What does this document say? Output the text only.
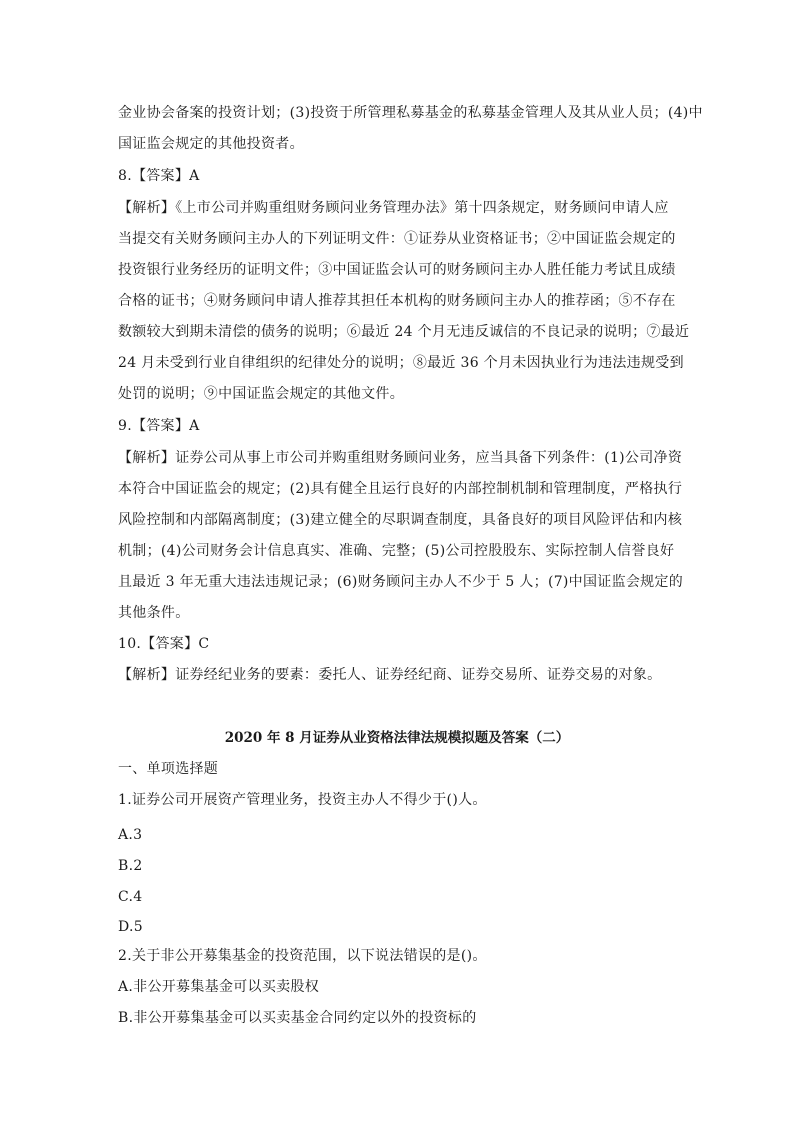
金业协会备案的投资计划；(3)投资于所管理私募基金的私募基金管理人及其从业人员；(4)中
国证监会规定的其他投资者。
8.【答案】A
【解析】《上市公司并购重组财务顾问业务管理办法》第十四条规定，财务顾问申请人应
当提交有关财务顾问主办人的下列证明文件：①证券从业资格证书；②中国证监会规定的
投资银行业务经历的证明文件；③中国证监会认可的财务顾问主办人胜任能力考试且成绩
合格的证书；④财务顾问申请人推荐其担任本机构的财务顾问主办人的推荐函；⑤不存在
数额较大到期未清偿的债务的说明；⑥最近 24 个月无违反诚信的不良记录的说明；⑦最近
24 月未受到行业自律组织的纪律处分的说明；⑧最近 36 个月未因执业行为违法违规受到
处罚的说明；⑨中国证监会规定的其他文件。
9.【答案】A
【解析】证券公司从事上市公司并购重组财务顾问业务，应当具备下列条件：(1)公司净资
本符合中国证监会的规定；(2)具有健全且运行良好的内部控制机制和管理制度，严格执行
风险控制和内部隔离制度；(3)建立健全的尽职调查制度，具备良好的项目风险评估和内核
机制；(4)公司财务会计信息真实、准确、完整；(5)公司控股股东、实际控制人信誉良好
且最近 3 年无重大违法违规记录；(6)财务顾问主办人不少于 5 人；(7)中国证监会规定的
其他条件。
10.【答案】C
【解析】证券经纪业务的要素：委托人、证券经纪商、证券交易所、证券交易的对象。
2020 年 8 月证券从业资格法律法规模拟题及答案（二）
一、单项选择题
1.证券公司开展资产管理业务，投资主办人不得少于()人。
A.3
B.2
C.4
D.5
2.关于非公开募集基金的投资范围，以下说法错误的是()。
A.非公开募集基金可以买卖股权
B.非公开募集基金可以买卖基金合同约定以外的投资标的
